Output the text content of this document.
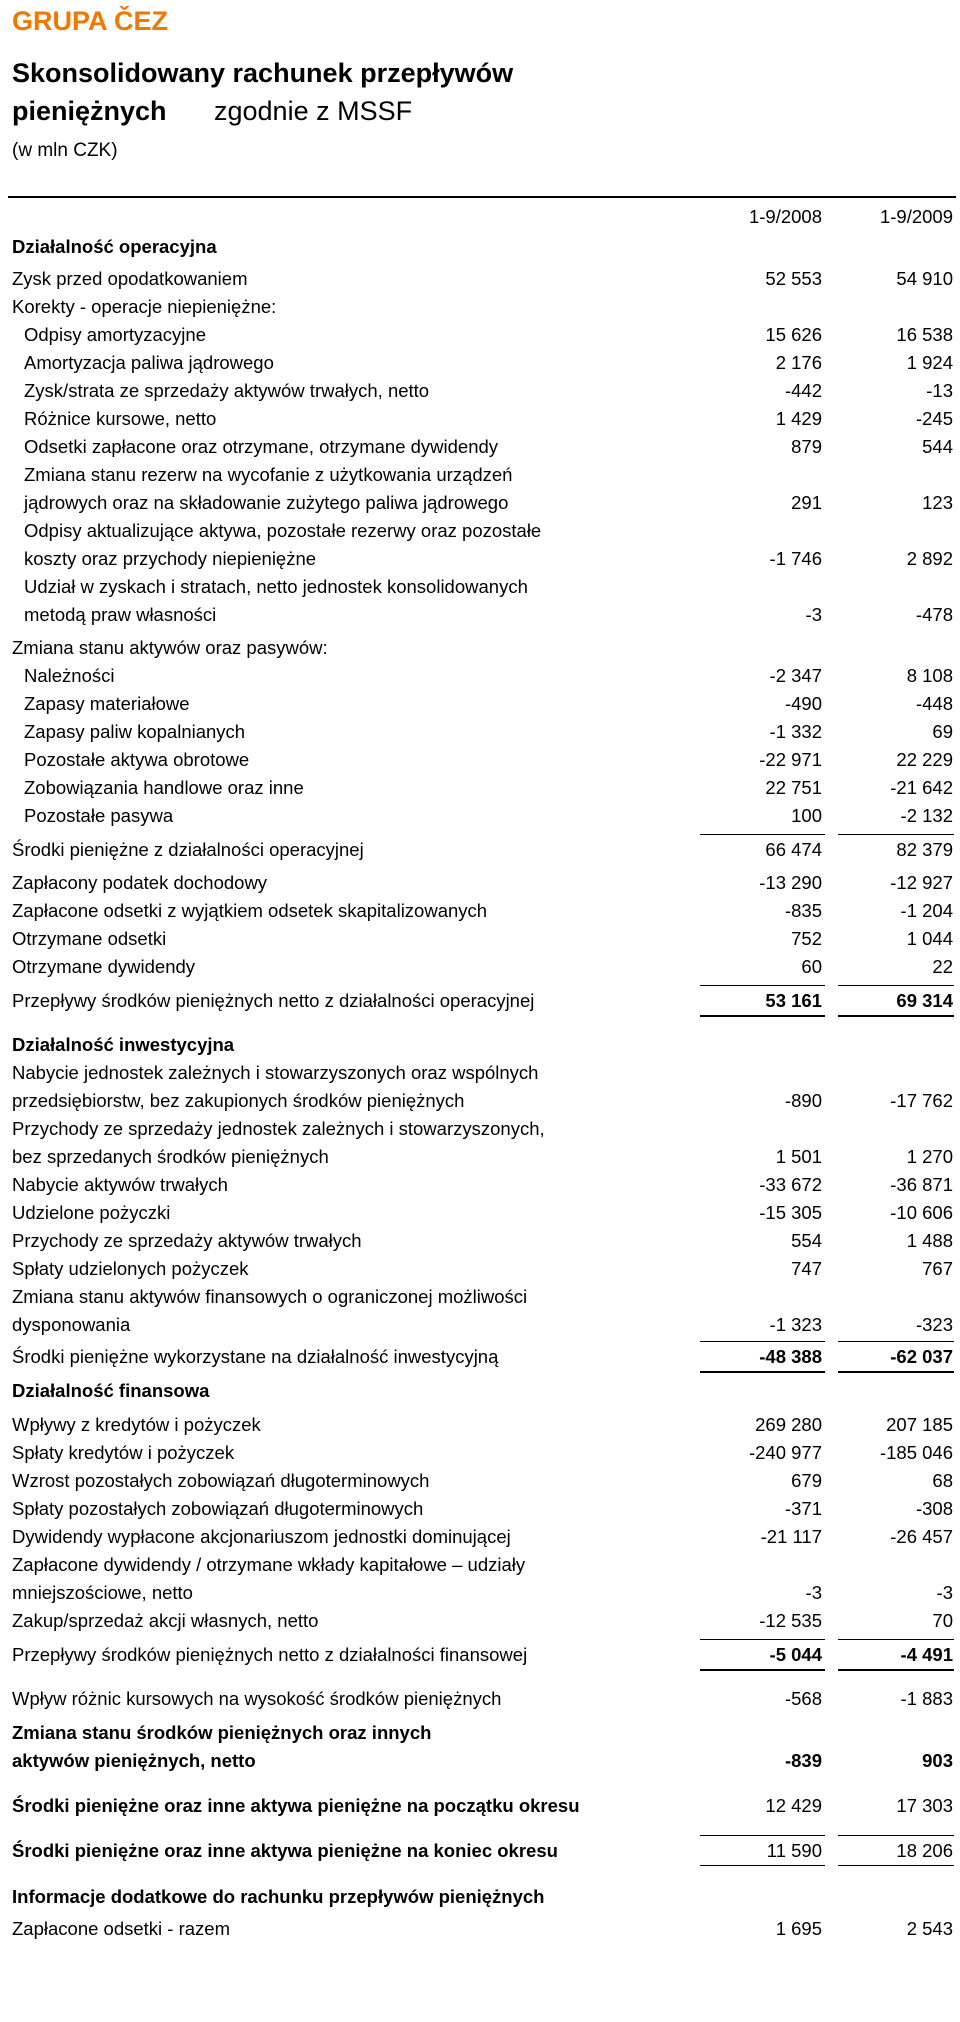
GRUPA ČEZ
Skonsolidowany rachunek przepływów pieniężnych	zgodnie z MSSF
(w mln CZK)
1-9/2008	1-9/2009
Działalność operacyjna
Zysk przed opodatkowaniem	52 553	54 910
Korekty - operacje niepieniężne:
Odpisy amortyzacyjne	15 626	16 538
Amortyzacja paliwa jądrowego	2 176	1 924
Zysk/strata ze sprzedaży aktywów trwałych, netto	-442	-13
Różnice kursowe, netto	1 429	-245
Odsetki zapłacone oraz otrzymane, otrzymane dywidendy	879	544
Zmiana stanu rezerw na wycofanie z użytkowania urządzeń
jądrowych oraz na składowanie zużytego paliwa jądrowego	291	123
Odpisy aktualizujące aktywa, pozostałe rezerwy oraz pozostałe
koszty oraz przychody niepieniężne	-1 746	2 892
Udział w zyskach i stratach, netto jednostek konsolidowanych
metodą praw własności	-3	-478
Zmiana stanu aktywów oraz pasywów:
Należności	-2 347	8 108
Zapasy materiałowe	-490	-448
Zapasy paliw kopalnianych	-1 332	69
Pozostałe aktywa obrotowe	-22 971	22 229
Zobowiązania handlowe oraz inne	22 751	-21 642
Pozostałe pasywa	100	-2 132
Środki pieniężne z działalności operacyjnej	66 474	82 379
Zapłacony podatek dochodowy	-13 290	-12 927
Zapłacone odsetki z wyjątkiem odsetek skapitalizowanych	-835	-1 204
Otrzymane odsetki	752	1 044
Otrzymane dywidendy	60	22
Przepływy środków pieniężnych netto z działalności operacyjnej	53 161	69 314
Działalność inwestycyjna
Nabycie jednostek zależnych i stowarzyszonych oraz wspólnych
przedsiębiorstw, bez zakupionych środków pieniężnych	-890	-17 762
Przychody ze sprzedaży jednostek zależnych i stowarzyszonych,
bez sprzedanych środków pieniężnych	1 501	1 270
Nabycie aktywów trwałych	-33 672	-36 871
Udzielone pożyczki	-15 305	-10 606
Przychody ze sprzedaży aktywów trwałych	554	1 488
Spłaty udzielonych pożyczek	747	767
Zmiana stanu aktywów finansowych o ograniczonej możliwości
dysponowania	-1 323	-323
Środki pieniężne wykorzystane na działalność inwestycyjną	-48 388	-62 037
Działalność finansowa
Wpływy z kredytów i pożyczek	269 280	207 185
Spłaty kredytów i pożyczek	-240 977	-185 046
Wzrost pozostałych zobowiązań długoterminowych	679	68
Spłaty pozostałych zobowiązań długoterminowych	-371	-308
Dywidendy wypłacone akcjonariuszom jednostki dominującej	-21 117	-26 457
Zapłacone dywidendy / otrzymane wkłady kapitałowe – udziały
mniejszościowe, netto	-3	-3
Zakup/sprzedaż akcji własnych, netto	-12 535	70
Przepływy środków pieniężnych netto z działalności finansowej	-5 044	-4 491
Wpływ różnic kursowych na wysokość środków pieniężnych	-568	-1 883
Zmiana stanu środków pieniężnych oraz innych
aktywów pieniężnych, netto	-839	903
Środki pieniężne oraz inne aktywa pieniężne na początku okresu	12 429	17 303
Środki pieniężne oraz inne aktywa pieniężne na koniec okresu	11 590	18 206
Informacje dodatkowe do rachunku przepływów pieniężnych
Zapłacone odsetki - razem	1 695	2 543
